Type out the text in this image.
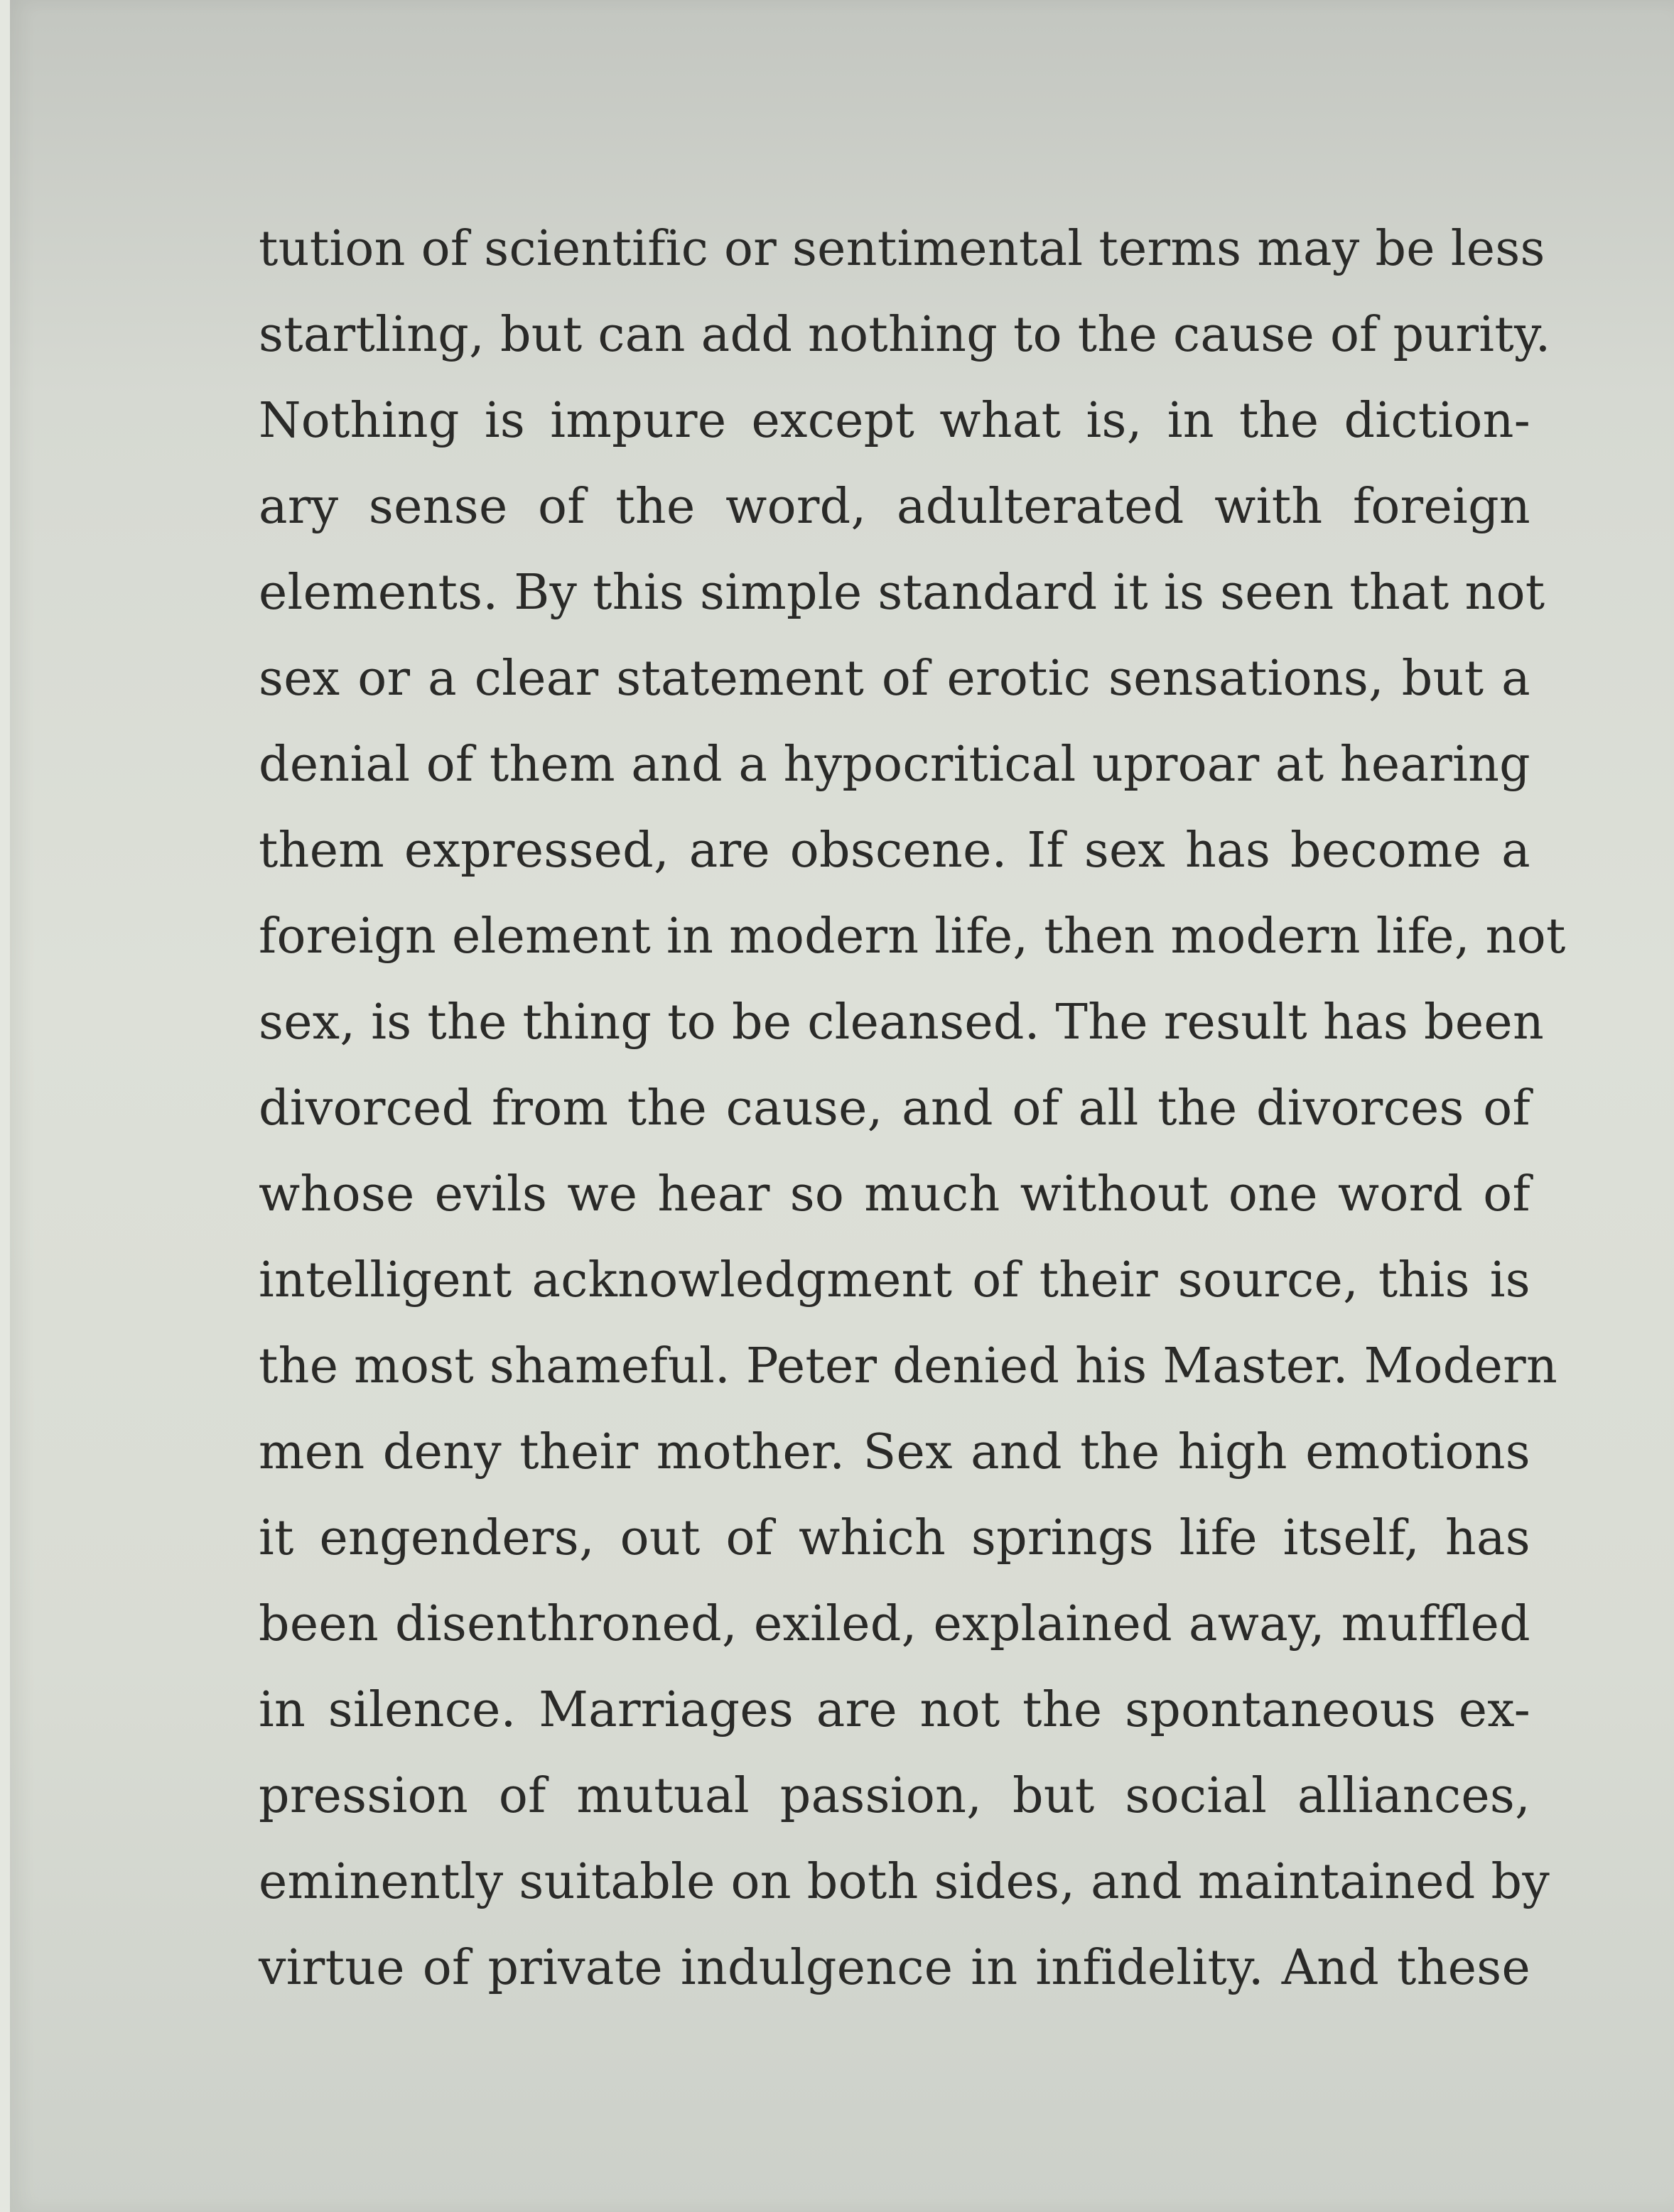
tution of scientific or sentimental terms may be less
startling, but can add nothing to the cause of purity.
Nothing is impure except what is, in the diction-
ary sense of the word, adulterated with foreign
elements. By this simple standard it is seen that not
sex or a clear statement of erotic sensations, but a
denial of them and a hypocritical uproar at hearing
them expressed, are obscene. If sex has become a
foreign element in modern life, then modern life, not
sex, is the thing to be cleansed. The result has been
divorced from the cause, and of all the divorces of
whose evils we hear so much without one word of
intelligent acknowledgment of their source, this is
the most shameful. Peter denied his Master. Modern
men deny their mother. Sex and the high emotions
it engenders, out of which springs life itself, has
been disenthroned, exiled, explained away, muffled
in silence. Marriages are not the spontaneous ex-
pression of mutual passion, but social alliances,
eminently suitable on both sides, and maintained by
virtue of private indulgence in infidelity. And these
